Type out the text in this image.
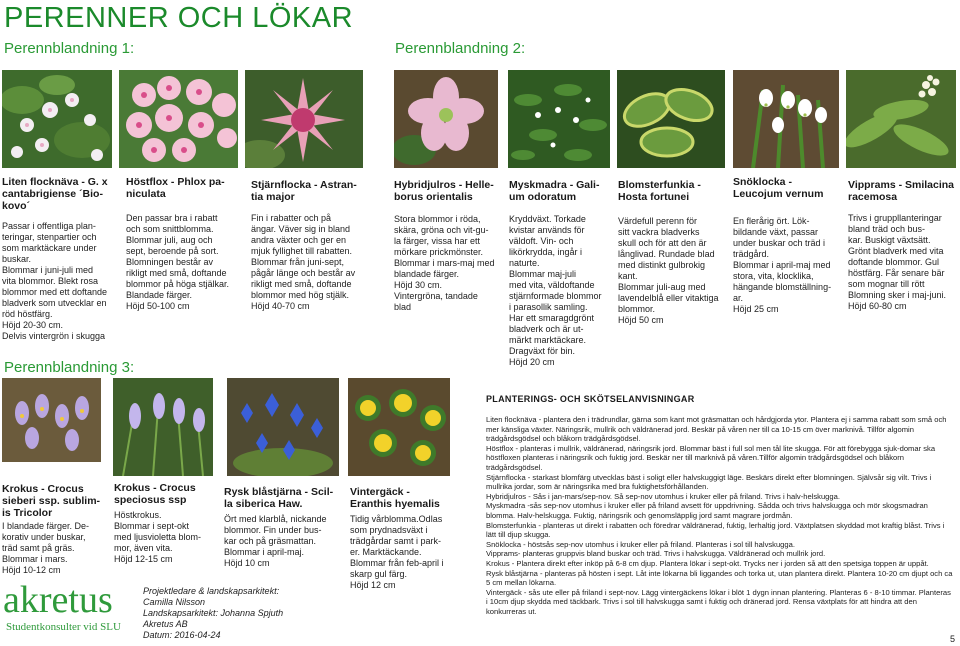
PERENNER OCH LÖKAR
Perennblandning 1:	Perennblandning 2:
Perennblandning 3:
Liten flocknäva - G. x cantabrigiense ´Bio-kovo´
Passar i offentliga plan-
teringar, stenpartier och
som marktäckare under
buskar.
Blommar i juni-juli med
vita blommor. Blekt rosa
blommor med ett doftande
bladverk som utvecklar en
röd höstfärg.
Höjd 20-30 cm.
Delvis vintergrön i skugga
Höstflox - Phlox pa-
niculata
Den passar bra i rabatt
och som snittblomma.
Blommar juli, aug och
sept, beroende på sort.
Blomningen består av
rikligt med små, doftande
blommor på höga stjälkar.
Blandade färger.
Höjd 50-100 cm
Stjärnflocka - Astran-
tia major
Fin i rabatter och på
ängar. Väver sig in bland
andra växter och ger en
mjuk fyllighet till rabatten.
Blommar från juni-sept,
pågår länge och består av
rikligt med små, doftande
blommor med hög stjälk.
Höjd 40-70 cm
Hybridjulros - Helle-
borus orientalis
Stora blommor i röda,
skära, gröna och vit-gu-
la färger, vissa har ett
mörkare prickmönster.
Blommar i mars-maj med
blandade färger.
Höjd 30 cm.
Vintergröna, tandade
blad
Myskmadra - Gali-
um odoratum
Kryddväxt. Torkade
kvistar används för
väldoft. Vin- och
likörkrydda, ingår i
naturte.
Blommar maj-juli
med vita, väldoftande
stjärnformade blommor
i parasollik samling.
Har ett smaragdgrönt
bladverk och är ut-
märkt marktäckare.
Dragväxt för bin.
Höjd 20 cm
Blomsterfunkia -
Hosta fortunei
Värdefull perenn för
sitt vackra bladverks
skull och för att den är
långlivad. Rundade blad
med distinkt gulbrokig
kant.
Blommar juli-aug med
lavendelblå eller vitaktiga
blommor.
Höjd 50 cm
Snöklocka -
Leucojum vernum
En flerårig ört. Lök-
bildande växt, passar
under buskar och träd i
trädgård.
Blommar i april-maj med
stora, vita, klocklika,
hängande blomställning-
ar.
Höjd 25 cm
Vipprams - Smilacina
racemosa
Trivs i gruppllanteringar
bland träd och bus-
kar. Buskigt växtsätt.
Grönt bladverk med vita
doftande blommor. Gul
höstfärg. Får senare bär
som mognar till rött
Blomning sker i maj-juni.
Höjd 60-80 cm
Krokus - Crocus
sieberi ssp. sublim-
is Tricolor
I blandade färger. De-
korativ under buskar,
träd samt på gräs.
Blommar i mars.
Höjd 10-12 cm
Krokus - Crocus
speciosus ssp
Höstkrokus.
Blommar i sept-okt
med ljusvioletta blom-
mor, även vita.
Höjd 12-15 cm
Rysk blåstjärna - Scil-
la siberica Haw.
Ört med klarblå, nickande
blommor. Fin under bus-
kar och på gräsmattan.
Blommar i april-maj.
Höjd 10 cm
Vintergäck -
Eranthis hyemalis
Tidig vårblomma.Odlas
som prydnadsväxt i
trädgårdar samt i park-
er. Marktäckande.
Blommar från feb-april i
skarp gul färg.
Höjd 12 cm
Projektledare & landskapsarkitekt:
Camilla Nilsson
Landskapsarkitekt: Johanna Spjuth
Akretus AB
Datum: 2016-04-24
akretus
Studentkonsulter vid SLU
PLANTERINGS- OCH SKÖTSELANVISNINGAR

Liten flocknäva - plantera den i trädrundlar, gärna som kant mot gräsmattan och hårdgjorda ytor. Plantera ej i samma rabatt som små och mer känsliga växter. Näringsrik, mullrik och väldränerad jord. Beskär på våren ner till ca 10-15 cm över marknivå. Tillför algomin trädgårdsgödsel och blåkorn trädgårdsgödsel.

Höstflox - planteras i mullrik, väldränerad, näringsrik jord. Blommar bäst i full sol men tål lite skugga. För att förebygga sjuk-domar ska höstfloxen planteras i näringsrik och fuktig jord. Beskär ner till marknivå på våren.Tillför algomin trädgårdsgödsel och blåkorn trädgårdsgödsel.

Stjärnflocka - starkast blomfärg utvecklas bäst i soligt eller halvskuggigt läge. Beskärs direkt efter blomningen. Självsår sig vilt. Trivs i mullrika jordar, som är näringsrika med bra fuktighetsförhållanden.

Hybridjulros - Sås i jan-mars/sep-nov. Så sep-nov utomhus i kruker eller på friland. Trivs i halv-helskugga.

Myskmadra -sås sep-nov utomhus i kruker eller på friland avsett för uppdrivning. Sådda och trivs halvskugga och mör skogsmadran blomma. Halv-helskugga. Fuktig, näringsrik och genomsläpplig jord samt magrare jordmån.

Blomsterfunkia - planteras ut direkt i rabatten och föredrar väldränerad, fuktig, lerhaltig jord. Växtplatsen skyddad mot kraftig blåst. Trivs i lätt till djup skugga.

Snöklocka - höstsås sep-nov utomhus i kruker eller på friland. Planteras i sol till halvskugga.

Vipprams- planteras gruppvis bland buskar och träd. Trivs i halvskugga. Väldränerad och mullrik jord.

Krokus - Plantera direkt efter inköp på 6-8 cm djup. Plantera lökar i sept-okt. Trycks ner i jorden så att den spetsiga toppen är uppåt.

Rysk blåstjärna - planteras på hösten i sept. Låt inte lökarna bli liggandes och torka ut, utan plantera direkt. Plantera 10-20 cm djupt och ca 5 cm mellan lökarna.

Vintergäck - sås ute eller på friland i sept-nov. Lägg vintergäckens lökar i blöt 1 dygn innan plantering. Planteras 6 - 8-10 timmar. Planteras i 10cm djup skydda med täckbark. Trivs i sol till halvskugga samt i fuktig och dränerad jord. Rensa växtplats för att hindra att den konkurreras ut.

5
